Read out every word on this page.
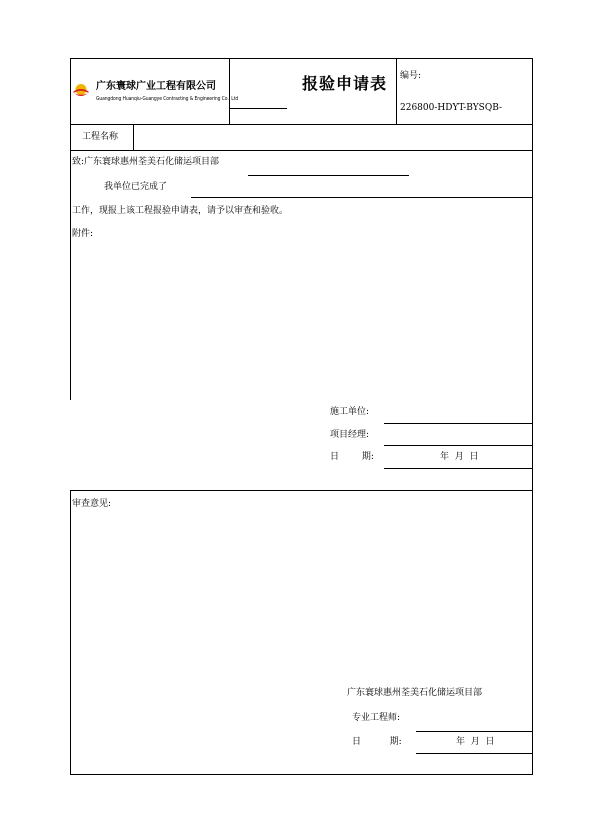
广东寰球广业工程有限公司
Guangdong Huanqiu-Guangye Contracting & Engineering Co., Ltd
报验申请表 编号:
226800-HDYT-BYSQB-
工程名称
致:广东寰球惠州荃美石化储运项目部
我单位已完成了
工作，现报上该工程报验申请表，请予以审查和验收。
附件:
施工单位:
项目经理:
日        期:	年  月  日
审查意见:
广东寰球惠州荃美石化储运项目部
专业工程师:
日          期:	年  月  日
